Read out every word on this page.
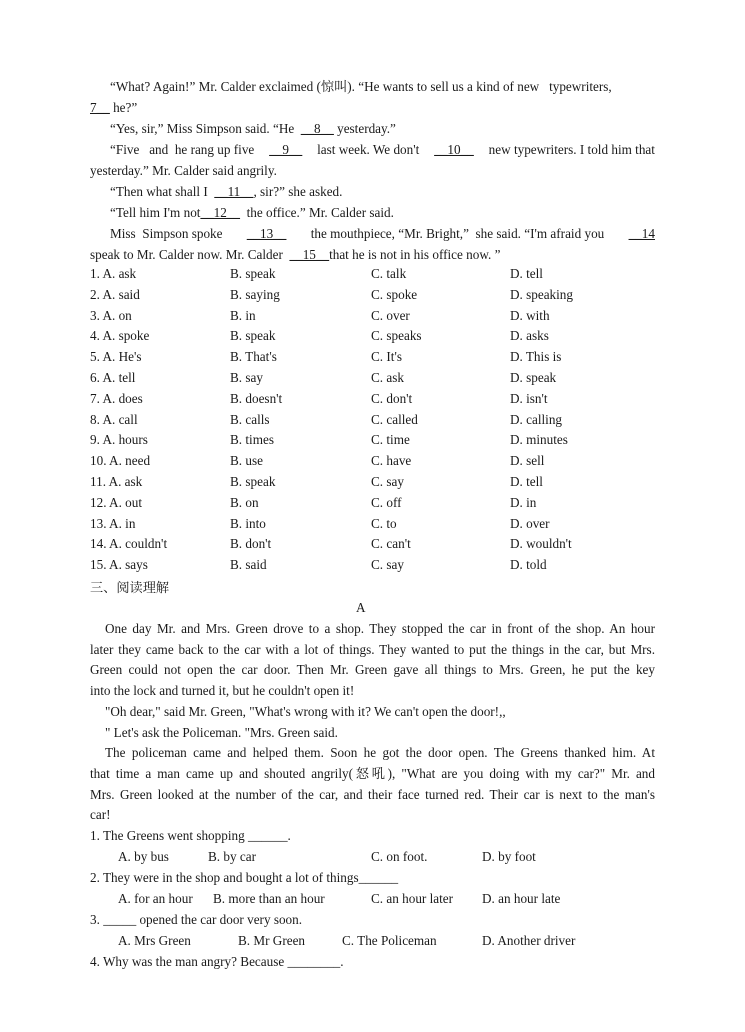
“What? Again!” Mr. Calder exclaimed (惊叫). “He wants to sell us a kind of new   typewriters,
7__ he?”
“Yes, sir,” Miss Simpson said. “He  __8__ yesterday.”
“Five   and  he rang up five __9__ last week. We don't __10__ new typewriters. I told him that
yesterday.” Mr. Calder said angrily.
“Then what shall I  __11__, sir?” she asked.
“Tell him I'm not__12__  the office.” Mr. Calder said.
Miss  Simpson spoke __13__ the mouthpiece, “Mr. Bright,”  she said. “I'm afraid you __14
speak to Mr. Calder now. Mr. Calder  __15__that he is not in his office now. ”
1. A. ask	B. speak	C. talk	D. tell
2. A. said	B. saying	C. spoke	D. speaking
3. A. on	B. in	C. over	D. with
4. A. spoke	B. speak	C. speaks	D. asks
5. A. He's	B. That's	C. It's	D. This is
6. A. tell	B. say	C. ask	D. speak
7. A. does	B. doesn't	C. don't	D. isn't
8. A. call	B. calls	C. called	D. calling
9. A. hours	B. times	C. time	D. minutes
10. A. need	B. use	C. have	D. sell
11. A. ask	B. speak	C. say	D. tell
12. A. out	B. on	C. off	D. in
13. A. in	B. into	C. to	D. over
14. A. couldn't	B. don't	C. can't	D. wouldn't
15. A. says	B. said	C. say	D. told
三、阅读理解
A
One day Mr. and Mrs. Green drove to a shop. They stopped the car in front of the shop. An hour
later they came back to the car with a lot of things. They wanted to put the things in the car, but Mrs.
Green could not open the car door. Then Mr. Green gave all things to Mrs. Green, he put the key
into the lock and turned it, but he couldn't open it!
"Oh dear," said Mr. Green, "What's wrong with it? We can't open the door!,,
" Let's ask the Policeman. "Mrs. Green said.
The policeman came and helped them. Soon he got the door open. The Greens thanked him. At
that time a man came up and shouted angrily(怒吼), "What are you doing with my car?" Mr. and
Mrs. Green looked at the number of the car, and their face turned red. Their car is next to the man's
car!
1. The Greens went shopping ______.
A. by bus	B. by car	C. on foot.	D. by foot
2. They were in the shop and bought a lot of things______
A. for an hour B. more than an hour	C. an hour later D. an hour late
3. _____ opened the car door very soon.
A. Mrs Green	B. Mr Green	C. The Policeman	D. Another driver
4. Why was the man angry? Because ________.
